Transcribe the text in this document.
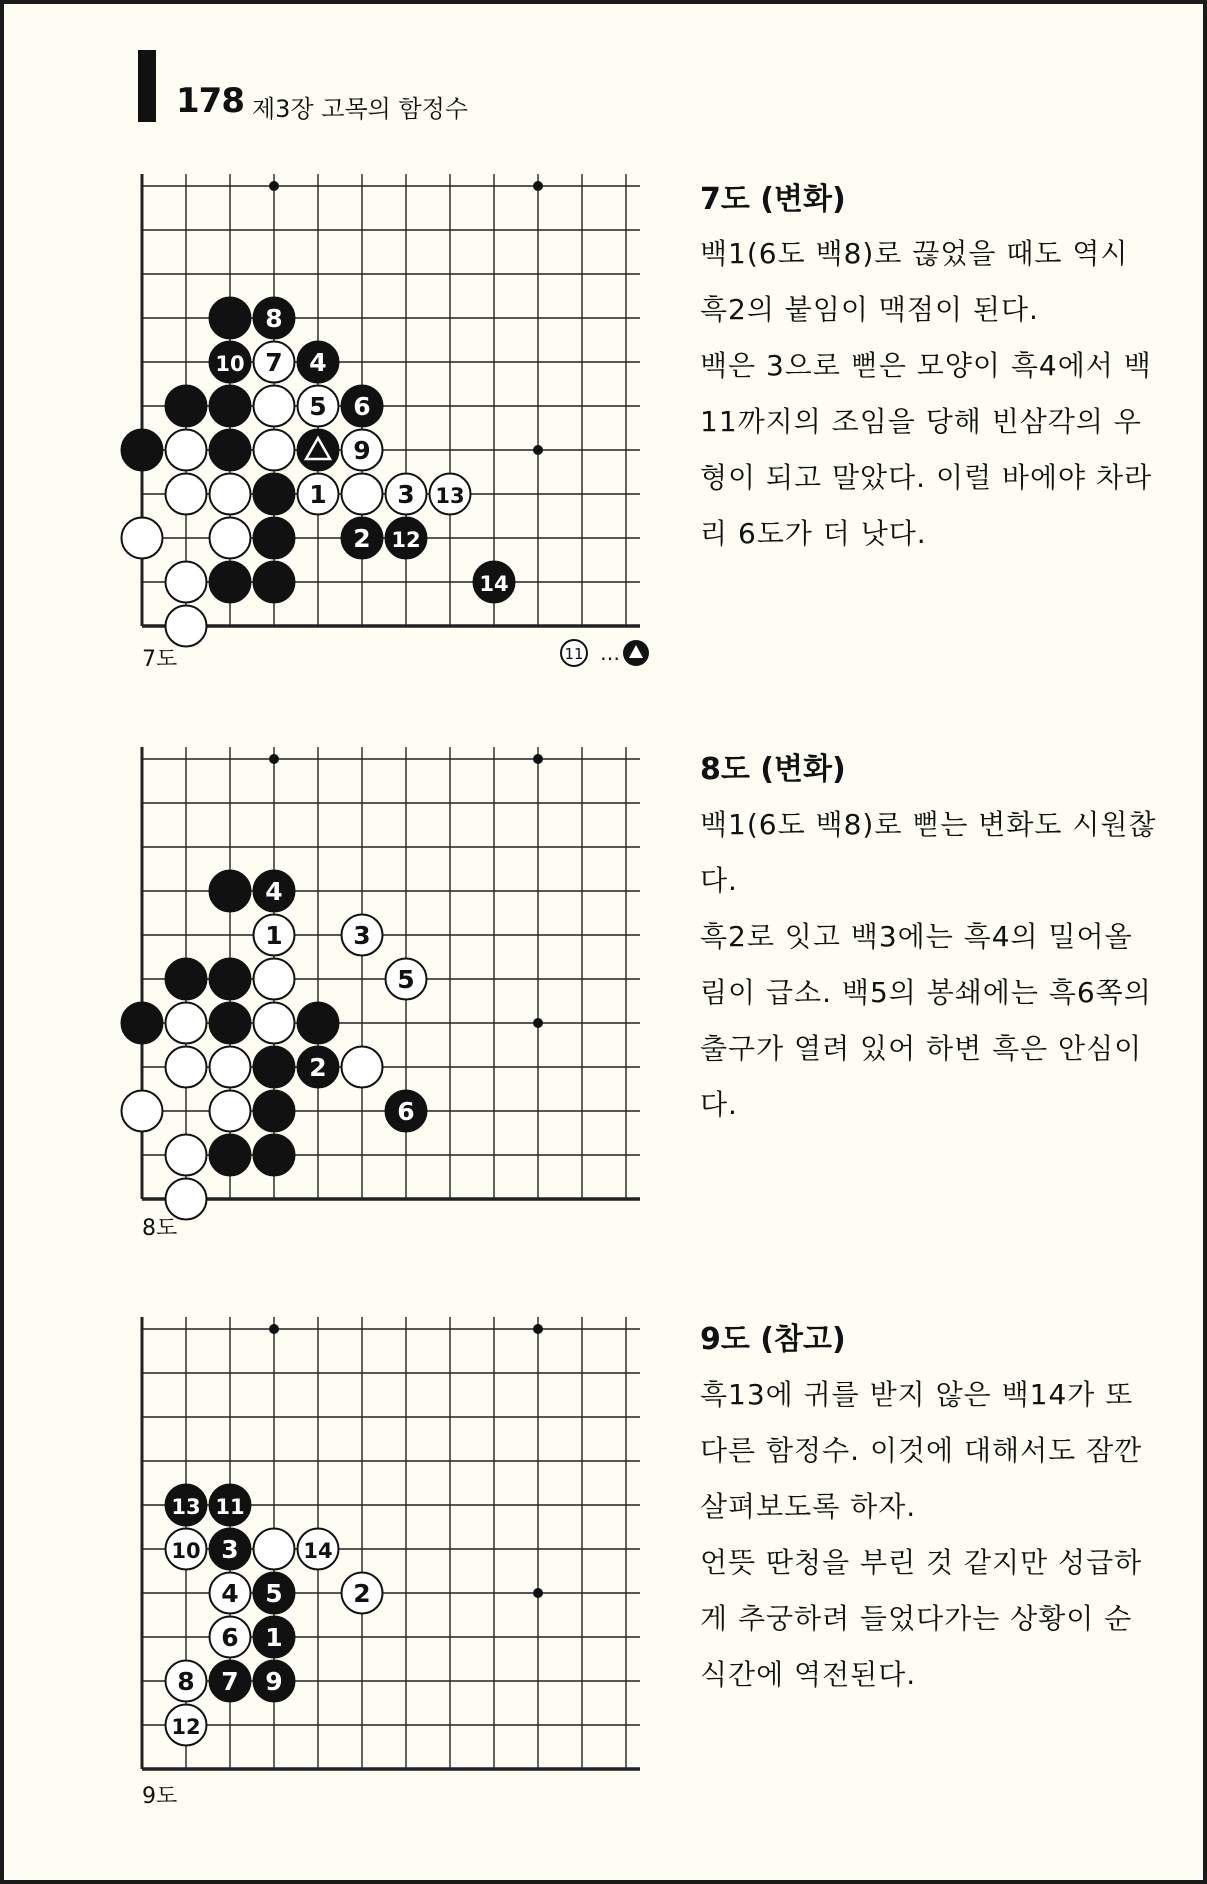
178 제3장 고목의 함정수
8
10 7 4
5 6
9
1	3 13
2 12
14
7도	11 …
7도 (변화)

백1(6도 백8)로 끊었을 때도 역시 흑2의 붙임이 맥점이 된다.

백은 3으로 뻗은 모양이 흑4에서 백11까지의 조임을 당해 빈삼각의 우형이 되고 말았다. 이럴 바에야 차라리 6도가 더 낫다.

4
1	3
5
2
6
8도
8도 (변화)

백1(6도 백8)로 뻗는 변화도 시원찮다.

흑2로 잇고 백3에는 흑4의 밀어올림이 급소. 백5의 봉쇄에는 흑6쪽의 출구가 열려 있어 하변 흑은 안심이다.

13 11
10 3	14
4 5	2
6 1
8 7 9
12
9도
9도 (참고)

흑13에 귀를 받지 않은 백14가 또 다른 함정수. 이것에 대해서도 잠깐 살펴보도록 하자.

언뜻 딴청을 부린 것 같지만 성급하게 추궁하려 들었다가는 상황이 순식간에 역전된다.
